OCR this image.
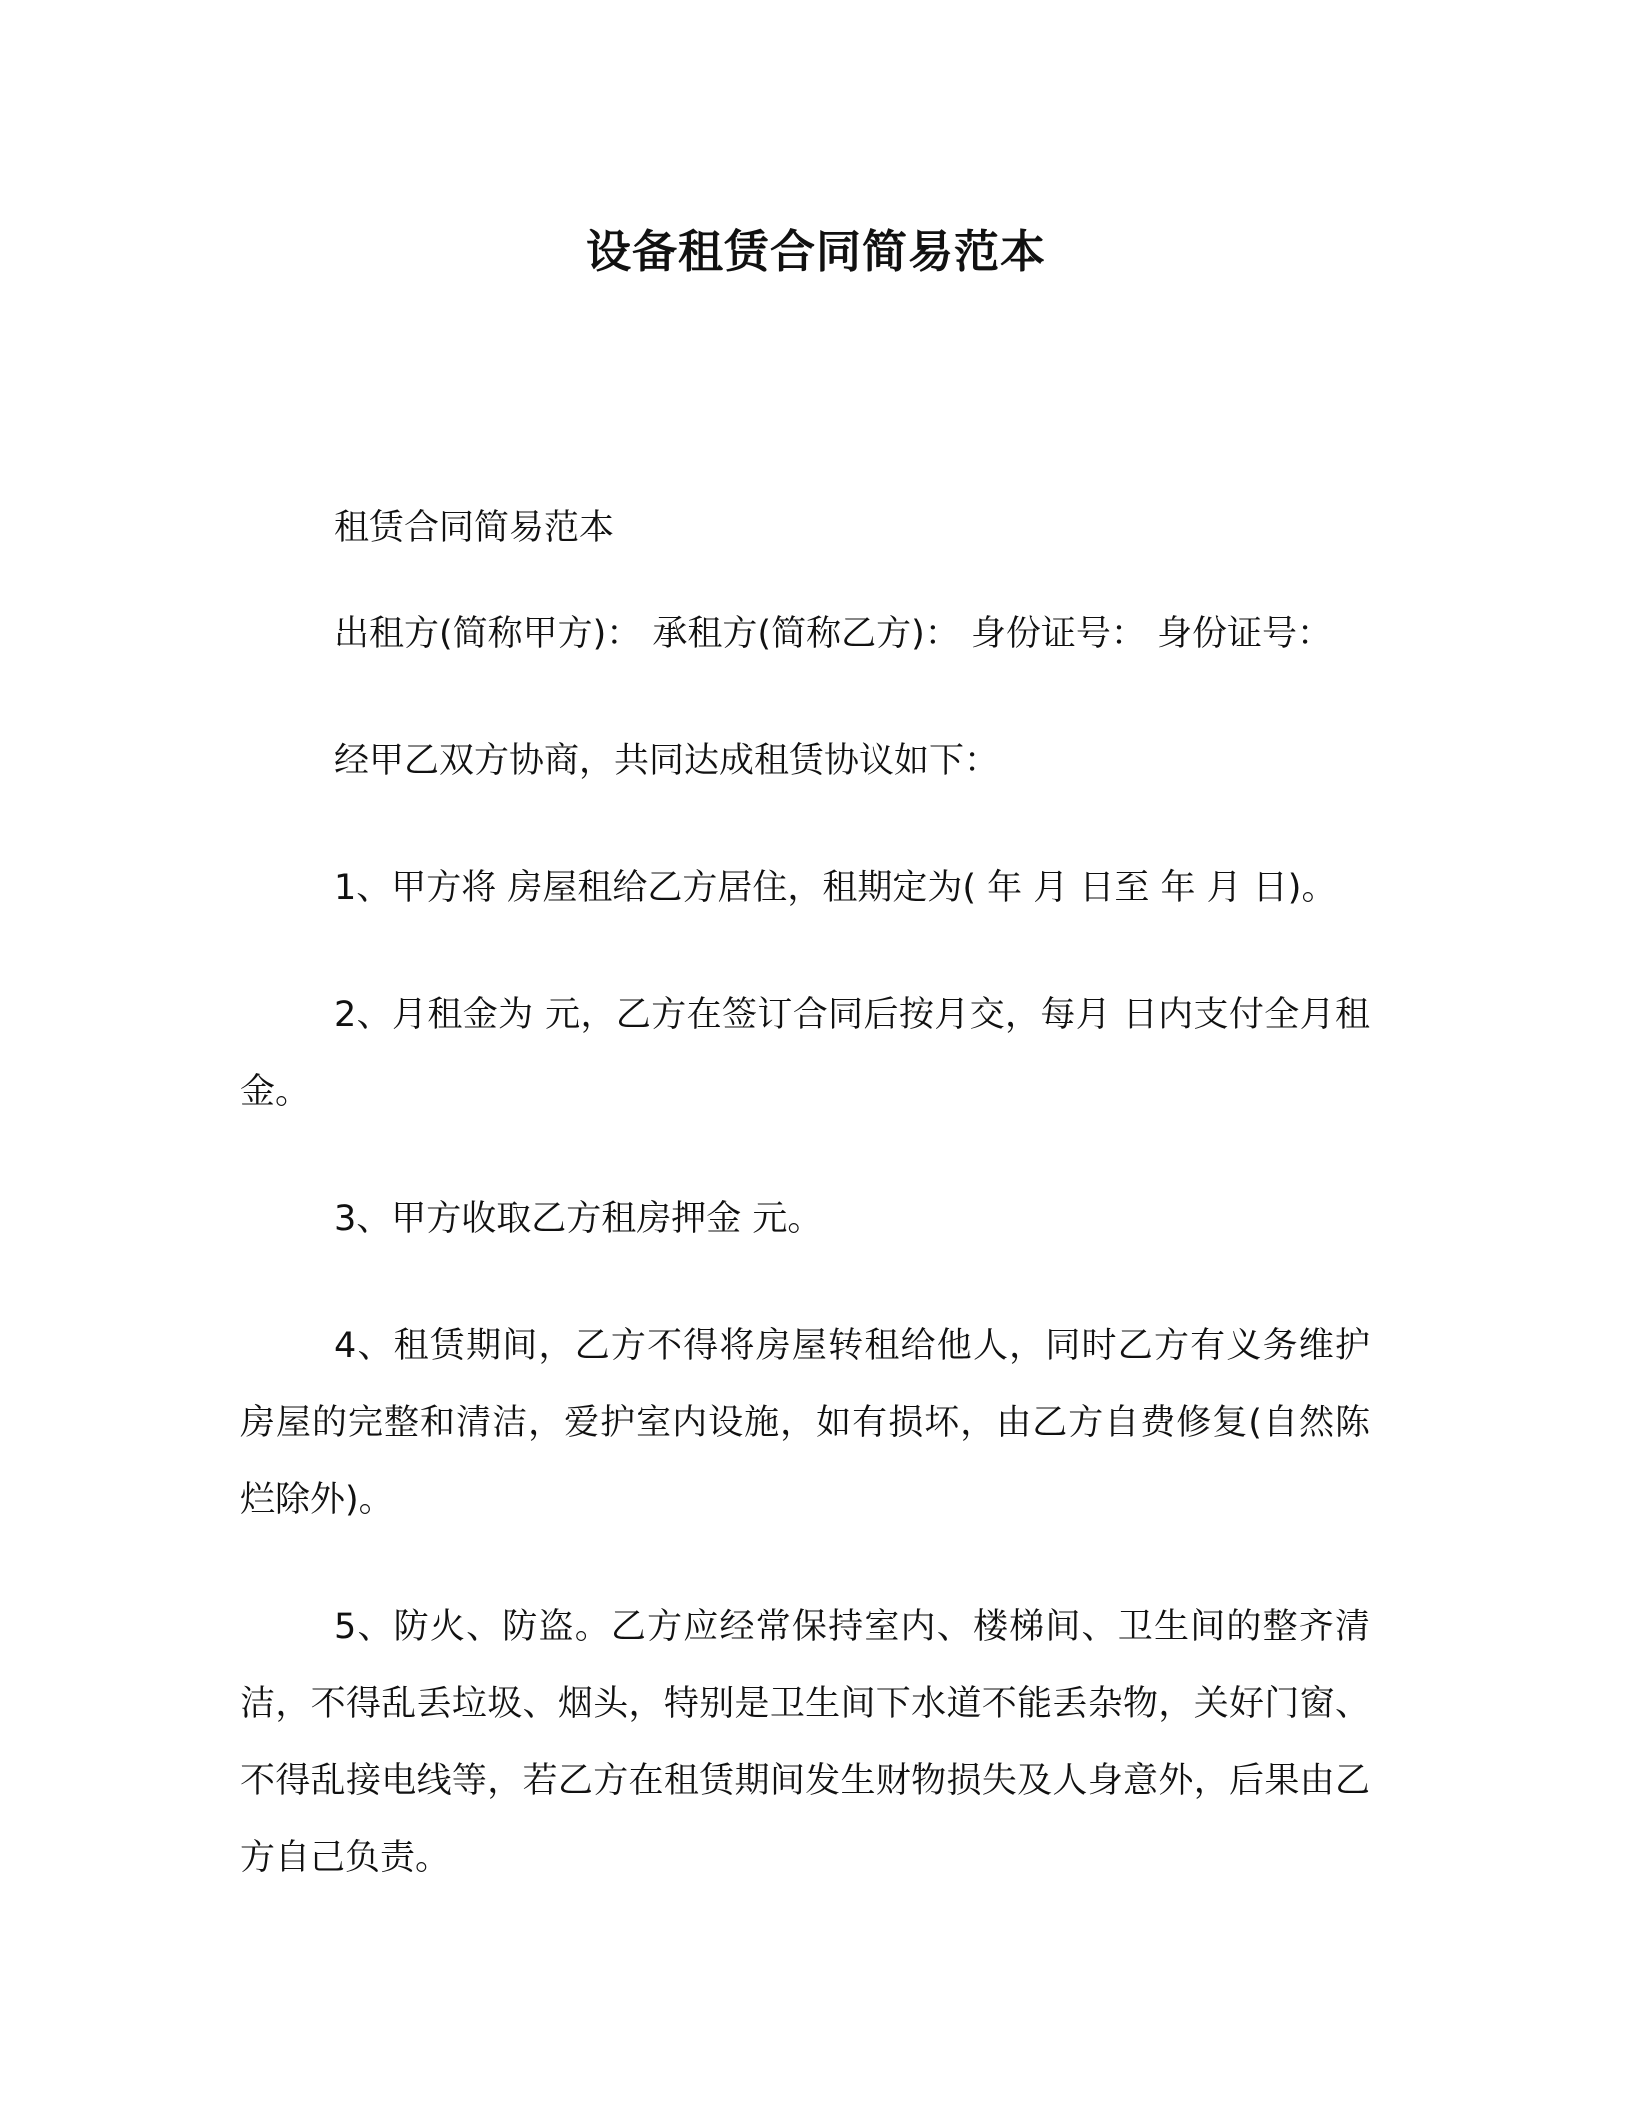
设备租赁合同简易范本

租赁合同简易范本

出租方(简称甲方)： 承租方(简称乙方)： 身份证号： 身份证号：

经甲乙双方协商，共同达成租赁协议如下：

1、甲方将 房屋租给乙方居住，租期定为( 年 月 日至 年 月 日)。

2、月租金为 元，乙方在签订合同后按月交，每月 日内支付全月租金。

3、甲方收取乙方租房押金 元。

4、租赁期间，乙方不得将房屋转租给他人，同时乙方有义务维护房屋的完整和清洁，爱护室内设施，如有损坏，由乙方自费修复(自然陈烂除外)。

5、防火、防盗。乙方应经常保持室内、楼梯间、卫生间的整齐清洁，不得乱丢垃圾、烟头，特别是卫生间下水道不能丢杂物，关好门窗、不得乱接电线等，若乙方在租赁期间发生财物损失及人身意外，后果由乙方自己负责。
